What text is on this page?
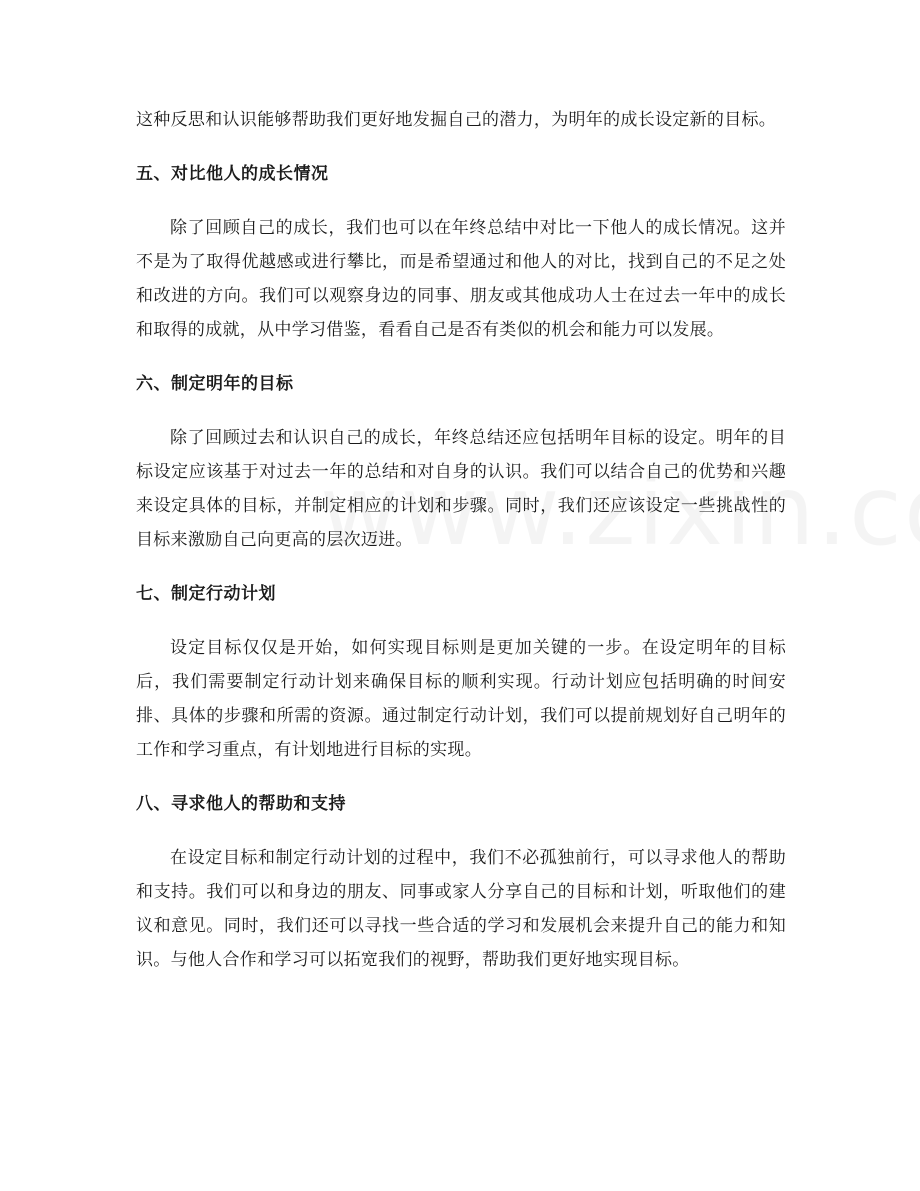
这种反思和认识能够帮助我们更好地发掘自己的潜力，为明年的成长设定新的目标。

五、对比他人的成长情况

除了回顾自己的成长，我们也可以在年终总结中对比一下他人的成长情况。这并不是为了取得优越感或进行攀比，而是希望通过和他人的对比，找到自己的不足之处和改进的方向。我们可以观察身边的同事、朋友或其他成功人士在过去一年中的成长和取得的成就，从中学习借鉴，看看自己是否有类似的机会和能力可以发展。

六、制定明年的目标

除了回顾过去和认识自己的成长，年终总结还应包括明年目标的设定。明年的目标设定应该基于对过去一年的总结和对自身的认识。我们可以结合自己的优势和兴趣来设定具体的目标，并制定相应的计划和步骤。同时，我们还应该设定一些挑战性的目标来激励自己向更高的层次迈进。

七、制定行动计划

设定目标仅仅是开始，如何实现目标则是更加关键的一步。在设定明年的目标后，我们需要制定行动计划来确保目标的顺利实现。行动计划应包括明确的时间安排、具体的步骤和所需的资源。通过制定行动计划，我们可以提前规划好自己明年的工作和学习重点，有计划地进行目标的实现。

八、寻求他人的帮助和支持

在设定目标和制定行动计划的过程中，我们不必孤独前行，可以寻求他人的帮助和支持。我们可以和身边的朋友、同事或家人分享自己的目标和计划，听取他们的建议和意见。同时，我们还可以寻找一些合适的学习和发展机会来提升自己的能力和知识。与他人合作和学习可以拓宽我们的视野，帮助我们更好地实现目标。
